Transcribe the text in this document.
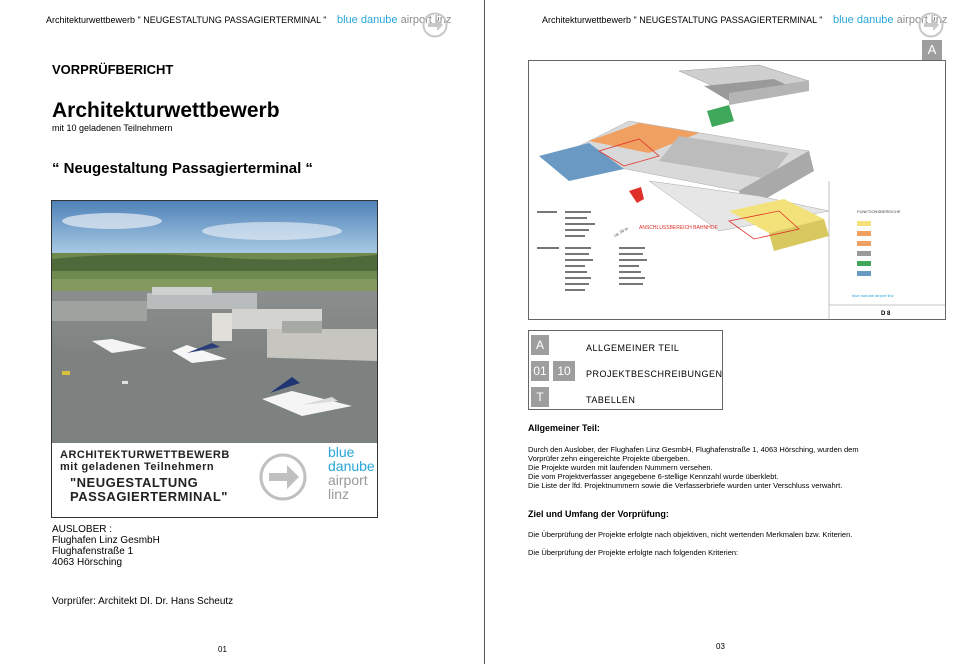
Architekturwettbewerb " NEUGESTALTUNG PASSAGIERTERMINAL " blue danube airport linz
VORPRÜFBERICHT
Architekturwettbewerb
mit 10 geladenen Teilnehmern
“ Neugestaltung Passagierterminal “
ARCHITEKTURWETTBEWERB
mit geladenen Teilnehmern
"NEUGESTALTUNG
PASSAGIERTERMINAL"
blue
danube
airport
linz
AUSLOBER :
Flughafen Linz GesmbH
Flughafenstraße 1
4063 Hörsching
Vorprüfer: Architekt DI. Dr. Hans Scheutz
01
Architekturwettbewerb " NEUGESTALTUNG PASSAGIERTERMINAL " blue danube airport linz
A
FUNKTIONSBEREICHE
ANSCHLUSSBEREICH BAHNHOF
ca. 20 m
blue danube airport linz
D 8
A	ALLGEMEINER TEIL
01 10	PROJEKTBESCHREIBUNGEN
T	TABELLEN
Allgemeiner Teil:
Durch den Auslober, der Flughafen Linz GesmbH, Flughafenstraße 1, 4063 Hörsching, wurden dem
Vorprüfer zehn eingereichte Projekte übergeben.
Die Projekte wurden mit laufenden Nummern versehen.
Die vom Projektverfasser angegebene 6-stellige Kennzahl wurde überklebt.
Die Liste der lfd. Projektnummern sowie die Verfasserbriefe wurden unter Verschluss verwahrt.
Ziel und Umfang der Vorprüfung:
Die Überprüfung der Projekte erfolgte nach objektiven, nicht wertenden Merkmalen bzw. Kriterien.
Die Überprüfung der Projekte erfolgte nach folgenden Kriterien:
03
